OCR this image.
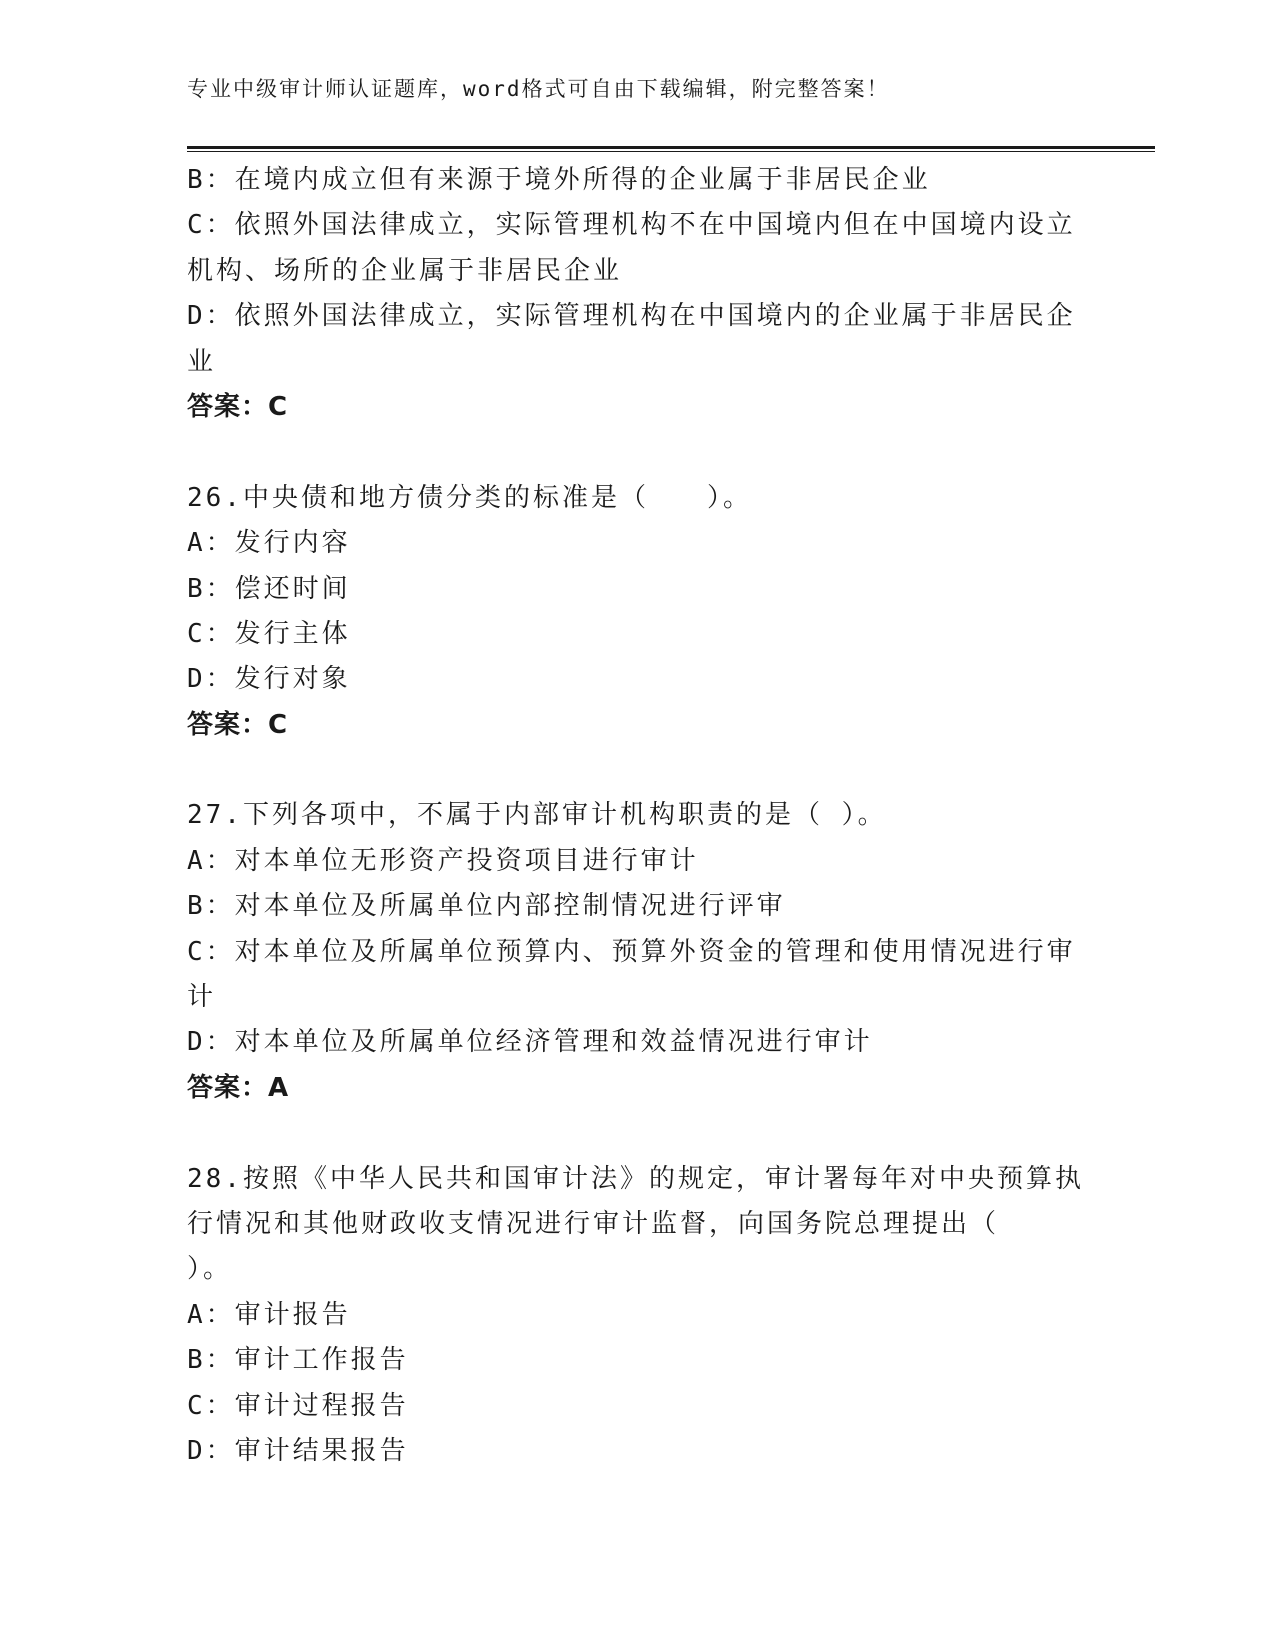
专业中级审计师认证题库，word格式可自由下载编辑，附完整答案！
B：在境内成立但有来源于境外所得的企业属于非居民企业
C：依照外国法律成立，实际管理机构不在中国境内但在中国境内设立
机构、场所的企业属于非居民企业
D：依照外国法律成立，实际管理机构在中国境内的企业属于非居民企
业
答案：C
26.中央债和地方债分类的标准是（　　）。
A：发行内容
B：偿还时间
C：发行主体
D：发行对象
答案：C
27.下列各项中，不属于内部审计机构职责的是（ ）。
A：对本单位无形资产投资项目进行审计
B：对本单位及所属单位内部控制情况进行评审
C：对本单位及所属单位预算内、预算外资金的管理和使用情况进行审
计
D：对本单位及所属单位经济管理和效益情况进行审计
答案：A
28.按照《中华人民共和国审计法》的规定，审计署每年对中央预算执
行情况和其他财政收支情况进行审计监督，向国务院总理提出（
）。
A：审计报告
B：审计工作报告
C：审计过程报告
D：审计结果报告
